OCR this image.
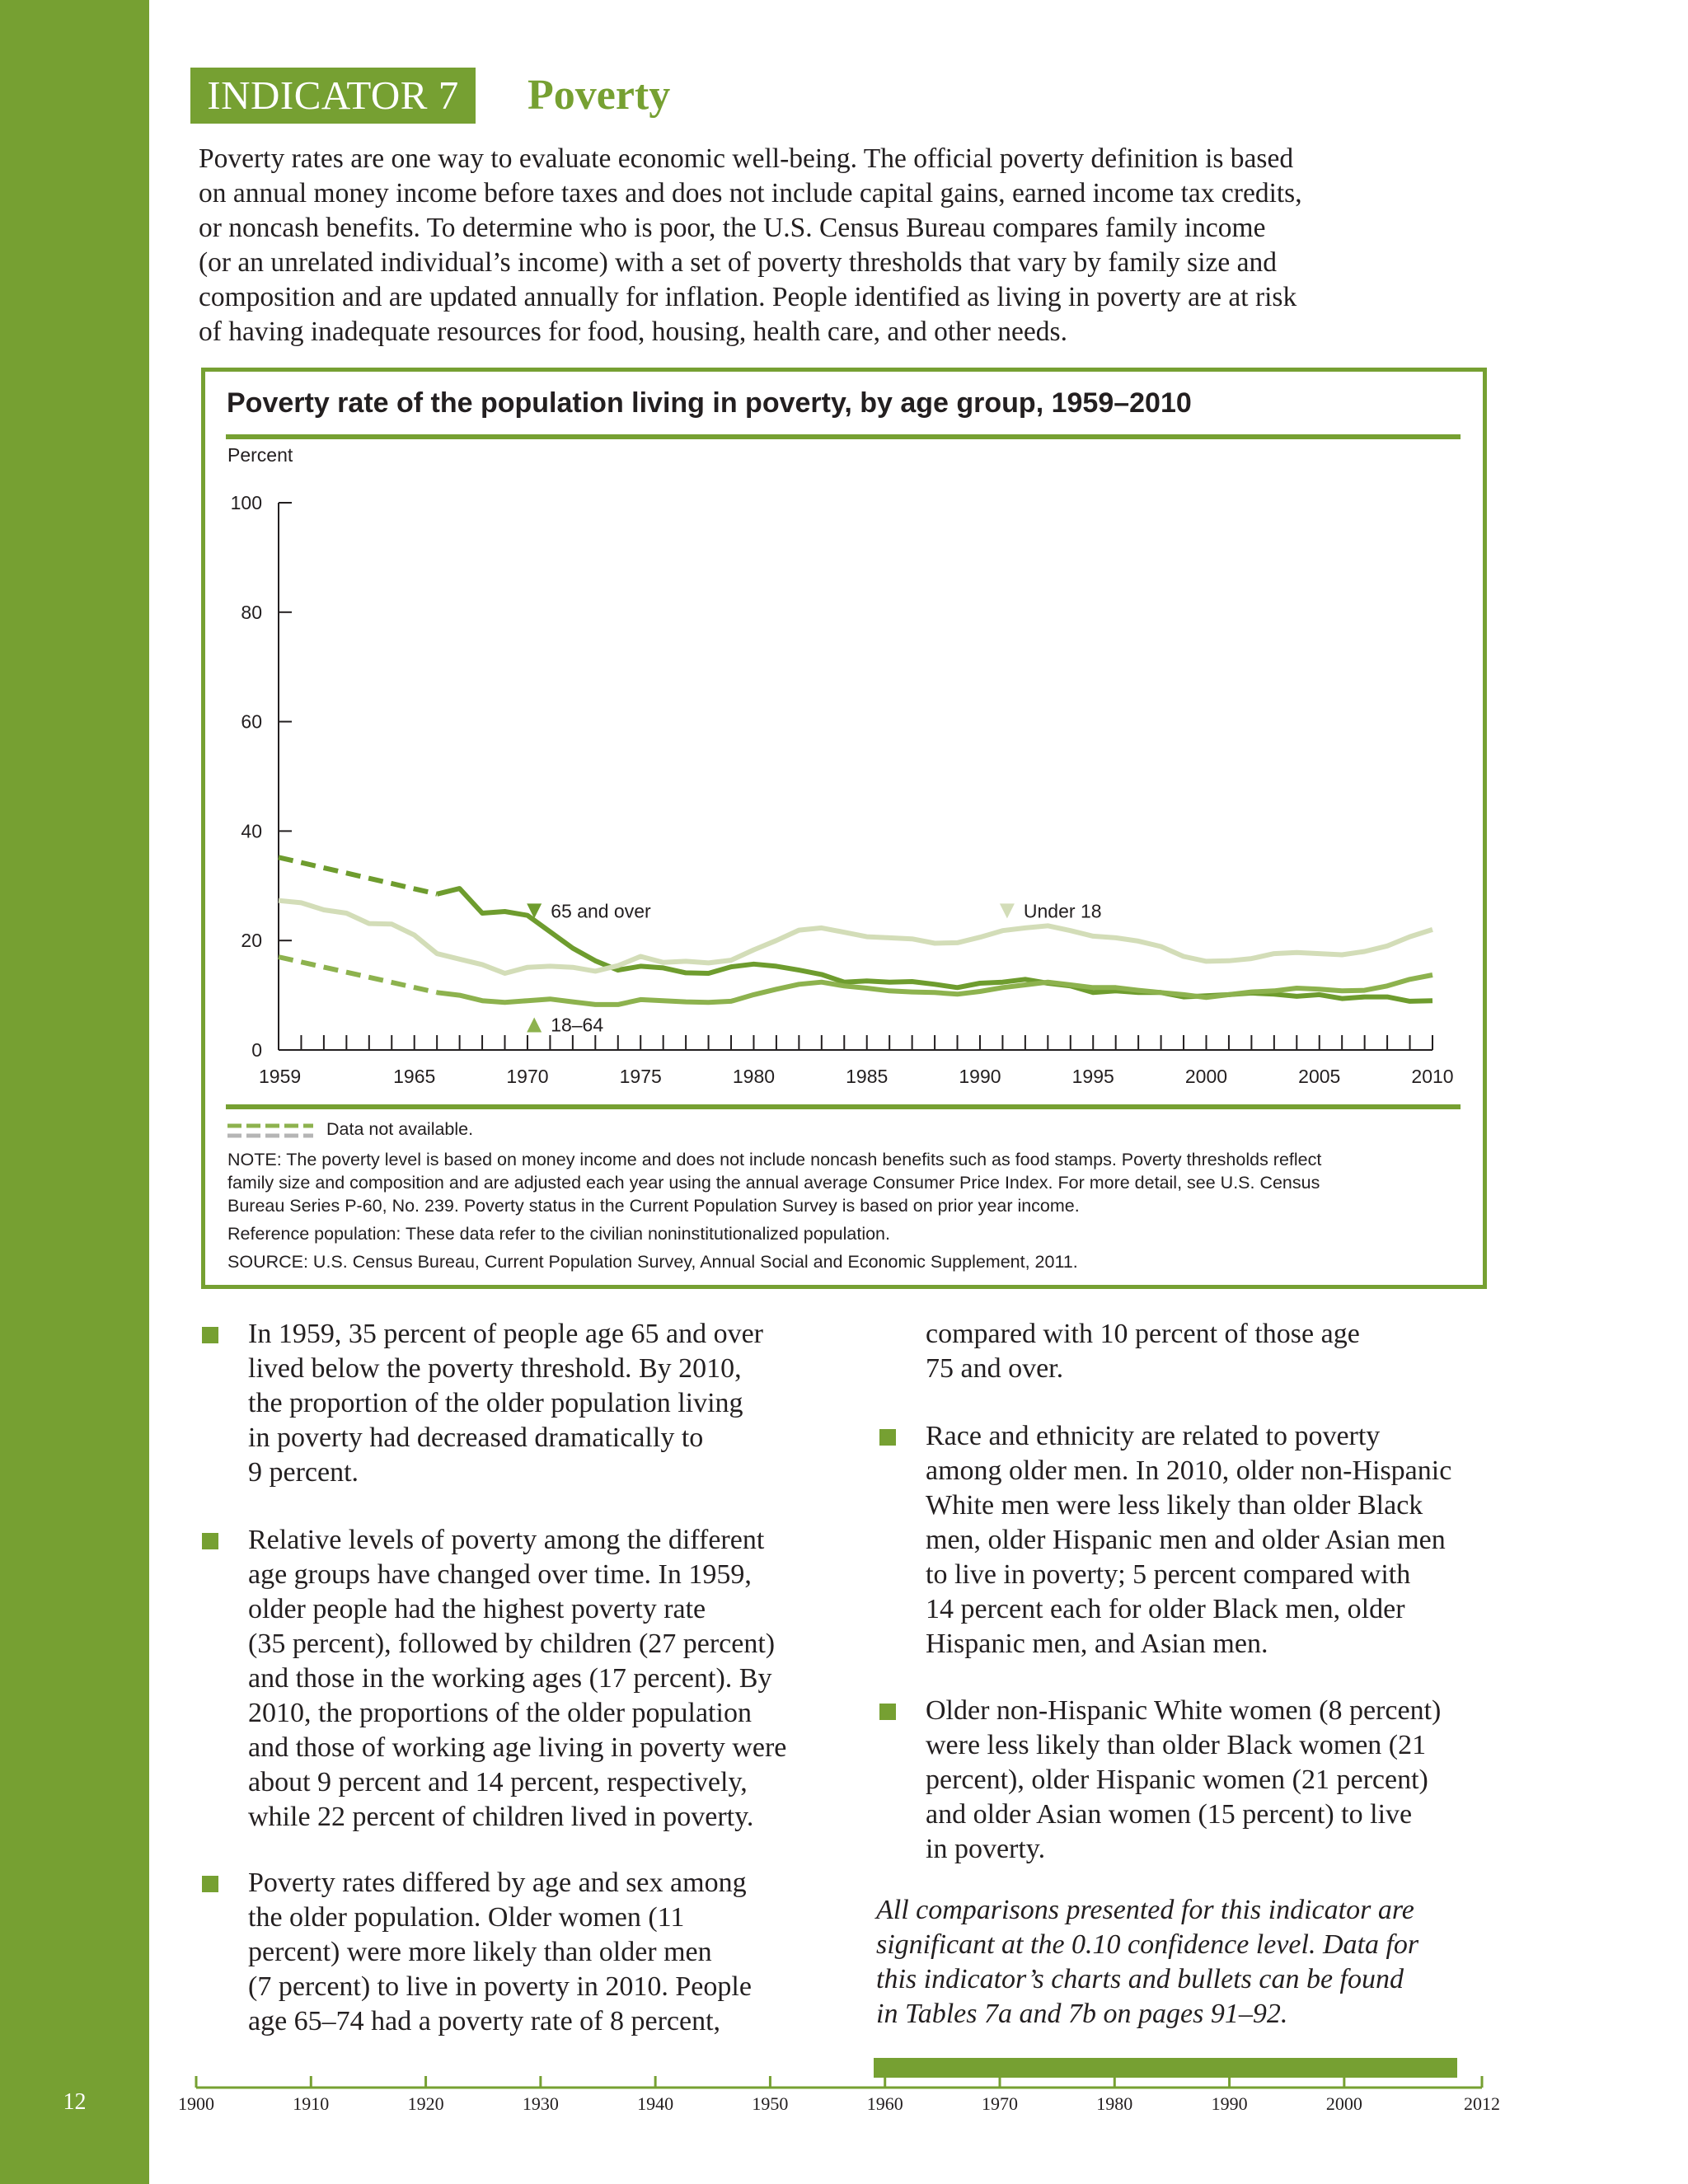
12
INDICATOR 7	Poverty
Poverty rates are one way to evaluate economic well-being. The official poverty definition is based
on annual money income before taxes and does not include capital gains, earned income tax credits,
or noncash benefits. To determine who is poor, the U.S. Census Bureau compares family income
(or an unrelated individual’s income) with a set of poverty thresholds that vary by family size and
composition and are updated annually for inflation. People identified as living in poverty are at risk
of having inadequate resources for food, housing, health care, and other needs.
Poverty rate of the population living in poverty, by age group, 1959–2010
Percent
0
20
40
60
80
100
1959	1965	1970	1975	1980	1985	1990	1995	2000	2005	2010
65 and over	Under 18
18–64
Data not available.
NOTE: The poverty level is based on money income and does not include noncash benefits such as food stamps. Poverty thresholds reflect
family size and composition and are adjusted each year using the annual average Consumer Price Index. For more detail, see U.S. Census
Bureau Series P-60, No. 239. Poverty status in the Current Population Survey is based on prior year income.
Reference population: These data refer to the civilian noninstitutionalized population.
SOURCE: U.S. Census Bureau, Current Population Survey, Annual Social and Economic Supplement, 2011.
In 1959, 35 percent of people age 65 and over
lived below the poverty threshold. By 2010,
the proportion of the older population living
in poverty had decreased dramatically to
9 percent.
Relative levels of poverty among the different
age groups have changed over time. In 1959,
older people had the highest poverty rate
(35 percent), followed by children (27 percent)
and those in the working ages (17 percent). By
2010, the proportions of the older population
and those of working age living in poverty were
about 9 percent and 14 percent, respectively,
while 22 percent of children lived in poverty.
Poverty rates differed by age and sex among
the older population. Older women (11
percent) were more likely than older men
(7 percent) to live in poverty in 2010. People
age 65–74 had a poverty rate of 8 percent,
compared with 10 percent of those age
75 and over.
Race and ethnicity are related to poverty
among older men. In 2010, older non-Hispanic
White men were less likely than older Black
men, older Hispanic men and older Asian men
to live in poverty; 5 percent compared with
14 percent each for older Black men, older
Hispanic men, and Asian men.
Older non-Hispanic White women (8 percent)
were less likely than older Black women (21
percent), older Hispanic women (21 percent)
and older Asian women (15 percent) to live
in poverty.
All comparisons presented for this indicator are
significant at the 0.10 confidence level. Data for
this indicator’s charts and bullets can be found
in Tables 7a and 7b on pages 91–92.
1900	1910	1920	1930	1940	1950	1960	1970	1980	1990	2000	2012
